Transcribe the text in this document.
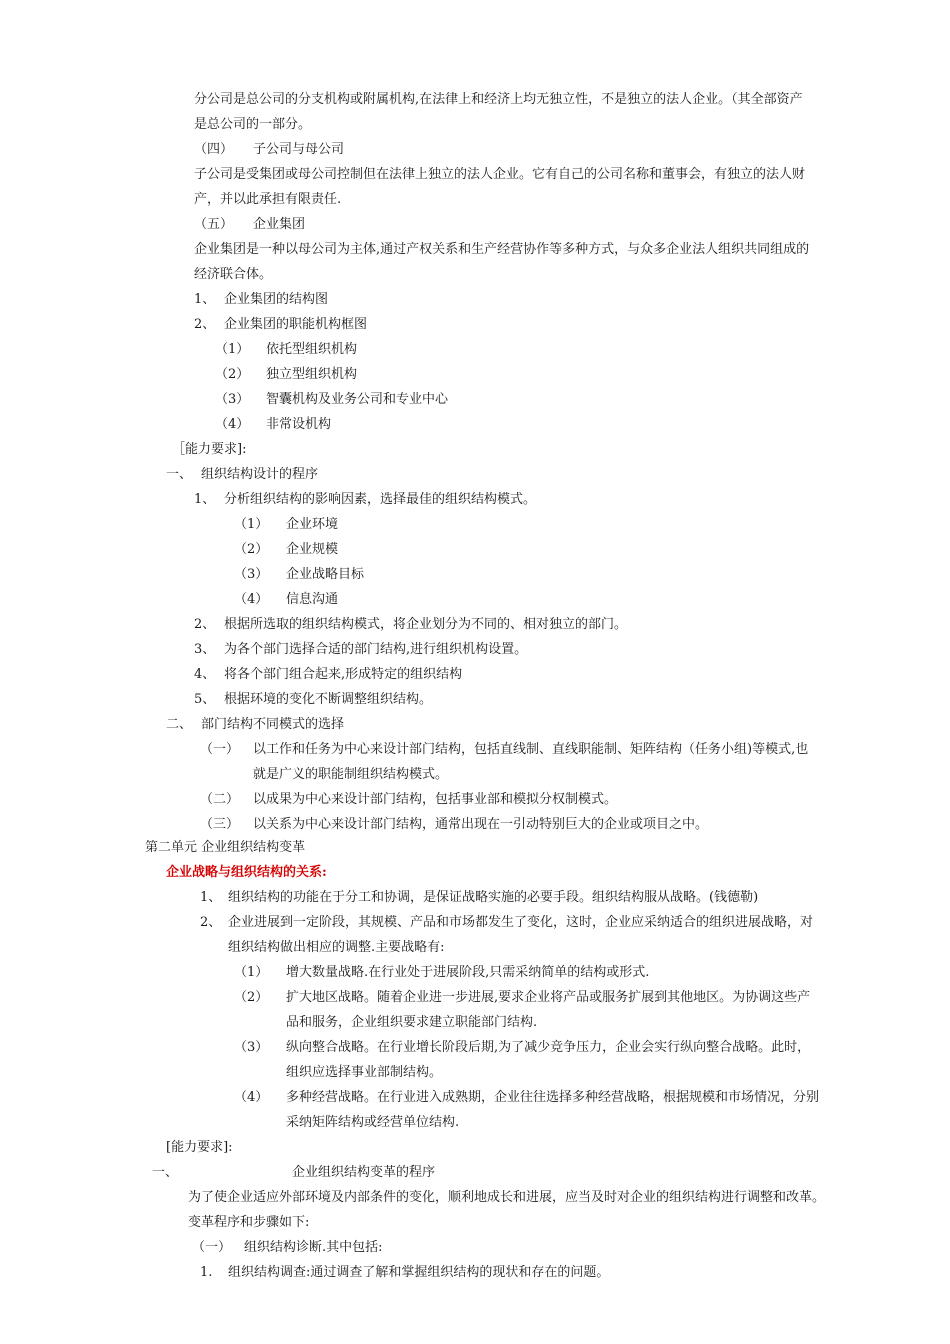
分公司是总公司的分支机构或附属机构,在法律上和经济上均无独立性，不是独立的法人企业。（其全部资产
是总公司的一部分。
（四） 子公司与母公司
子公司是受集团或母公司控制但在法律上独立的法人企业。它有自己的公司名称和董事会，有独立的法人财
产，并以此承担有限责任.
（五） 企业集团
企业集团是一种以母公司为主体,通过产权关系和生产经营协作等多种方式，与众多企业法人组织共同组成的
经济联合体。
1、 企业集团的结构图
2、 企业集团的职能机构框图
（1） 依托型组织机构
（2） 独立型组织机构
（3） 智囊机构及业务公司和专业中心
（4） 非常设机构
［能力要求]:
一、 组织结构设计的程序
1、 分析组织结构的影响因素，选择最佳的组织结构模式。
（1） 企业环境
（2） 企业规模
（3） 企业战略目标
（4） 信息沟通
2、 根据所选取的组织结构模式，将企业划分为不同的、相对独立的部门。
3、 为各个部门选择合适的部门结构,进行组织机构设置。
4、 将各个部门组合起来,形成特定的组织结构
5、 根据环境的变化不断调整组织结构。
二、 部门结构不同模式的选择
（一） 以工作和任务为中心来设计部门结构，包括直线制、直线职能制、矩阵结构（任务小组)等模式,也
就是广义的职能制组织结构模式。
（二） 以成果为中心来设计部门结构，包括事业部和模拟分权制模式。
（三） 以关系为中心来设计部门结构，通常出现在一引动特别巨大的企业或项目之中。
第二单元 企业组织结构变革
企业战略与组织结构的关系:
1、 组织结构的功能在于分工和协调，是保证战略实施的必要手段。组织结构服从战略。(钱德勒)
2、 企业进展到一定阶段，其规模、产品和市场都发生了变化，这时，企业应采纳适合的组织进展战略，对
组织结构做出相应的调整.主要战略有:
（1） 增大数量战略.在行业处于进展阶段,只需采纳简单的结构或形式.
（2） 扩大地区战略。随着企业进一步进展,要求企业将产品或服务扩展到其他地区。为协调这些产
品和服务，企业组织要求建立职能部门结构.
（3） 纵向整合战略。在行业增长阶段后期,为了减少竞争压力，企业会实行纵向整合战略。此时，
组织应选择事业部制结构。
（4） 多种经营战略。在行业进入成熟期，企业往往选择多种经营战略，根据规模和市场情况，分别
采纳矩阵结构或经营单位结构.
[能力要求]:
一、	企业组织结构变革的程序
为了使企业适应外部环境及内部条件的变化，顺利地成长和进展，应当及时对企业的组织结构进行调整和改革。
变革程序和步骤如下:
（一） 组织结构诊断.其中包括:
1. 组织结构调查:通过调查了解和掌握组织结构的现状和存在的问题。
